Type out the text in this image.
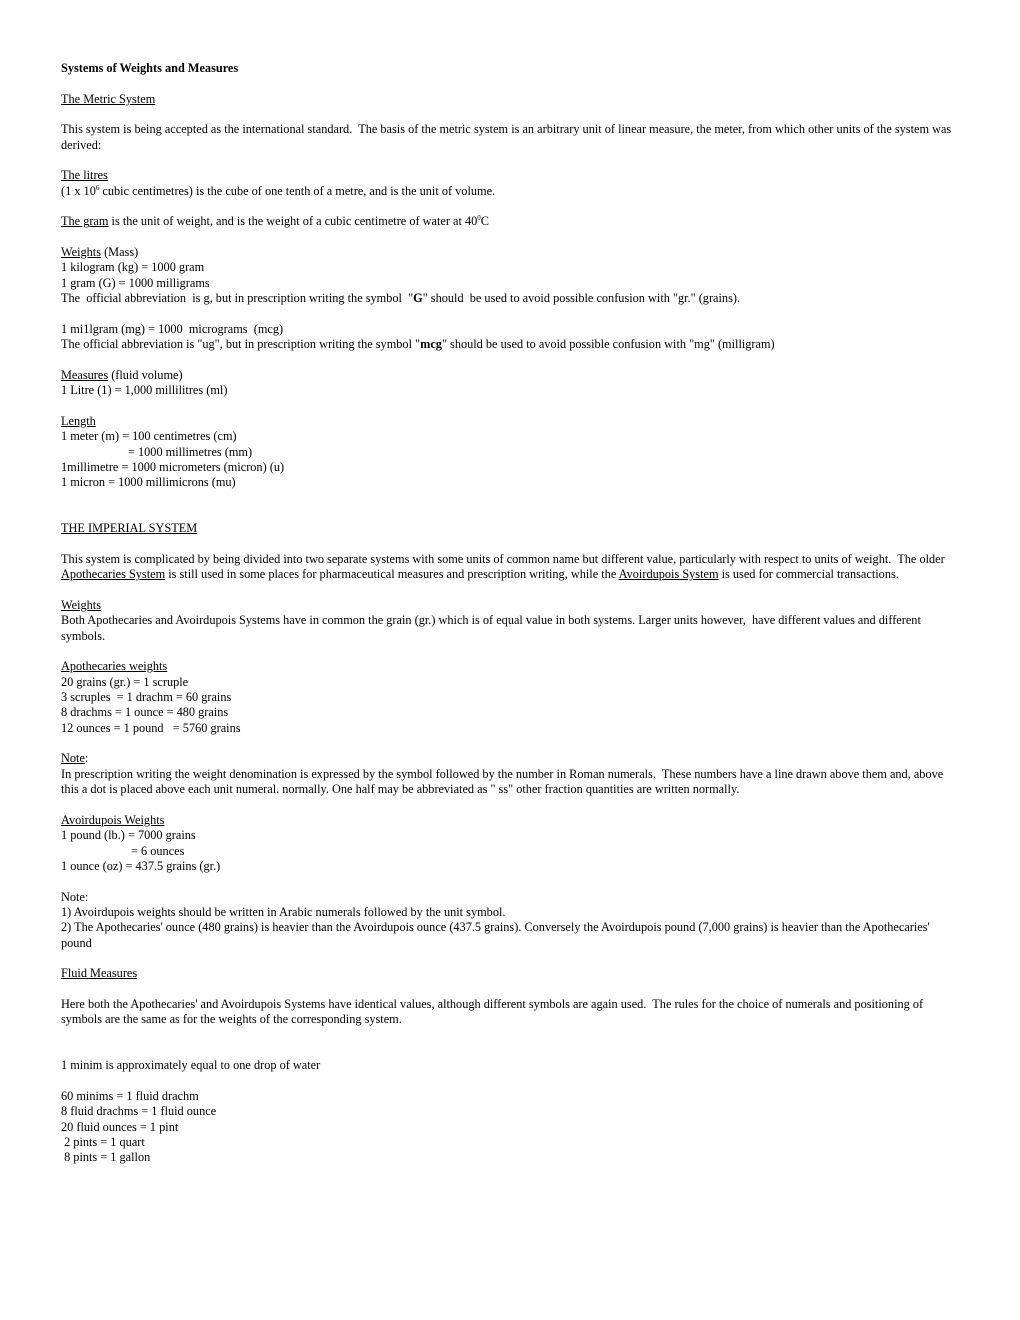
Systems of Weights and Measures
The Metric System
This system is being accepted as the international standard.  The basis of the metric system is an arbitrary unit of linear measure, the meter, from which other units of the system was derived:
The litres
(1 x $10^6$ cubic centimetres) is the cube of one tenth of a metre, and is the unit of volume.
The gram is the unit of weight, and is the weight of a cubic centimetre of water at $40^0C$
Weights (Mass)
1 kilogram (kg) = 1000 gram
1 gram (G) = 1000 milligrams
The  official abbreviation  is g, but in prescription writing the symbol  "G" should  be used to avoid possible confusion with "gr." (grains).
1 mi1lgram (mg) = 1000  micrograms  (mcg)
The official abbreviation is "ug", but in prescription writing the symbol "mcg" should be used to avoid possible confusion with "mg" (milligram)
Measures (fluid volume)
1 Litre (1) = 1,000 millilitres (ml)
Length
1 meter (m) = 100 centimetres (cm)
= 1000 millimetres (mm)
1millimetre = 1000 micrometers (micron) (u)
1 micron = 1000 millimicrons (mu)
THE IMPERIAL SYSTEM
This system is complicated by being divided into two separate systems with some units of common name but different value, particularly with respect to units of weight.  The older Apothecaries System is still used in some places for pharmaceutical measures and prescription writing, while the Avoirdupois System is used for commercial transactions.
Weights
Both Apothecaries and Avoirdupois Systems have in common the grain (gr.) which is of equal value in both systems. Larger units however,  have different values and different symbols.
Apothecaries weights
20 grains (gr.) = 1 scruple
3 scruples  = 1 drachm = 60 grains
8 drachms = 1 ounce = 480 grains
12 ounces = 1 pound   = 5760 grains
Note:
In prescription writing the weight denomination is expressed by the symbol followed by the number in Roman numerals.  These numbers have a line drawn above them and, above this a dot is placed above each unit numeral. normally. One half may be abbreviated as " ss" other fraction quantities are written normally.
Avoirdupois Weights
1 pound (lb.) = 7000 grains
= 6 ounces
1 ounce (oz) = 437.5 grains (gr.)
Note:
1) Avoirdupois weights should be written in Arabic numerals followed by the unit symbol.
2) The Apothecaries' ounce (480 grains) is heavier than the Avoirdupois ounce (437.5 grains). Conversely the Avoirdupois pound (7,000 grains) is heavier than the Apothecaries' pound
Fluid Measures
Here both the Apothecaries' and Avoirdupois Systems have identical values, although different symbols are again used.  The rules for the choice of numerals and positioning of symbols are the same as for the weights of the corresponding system.
1 minim is approximately equal to one drop of water
60 minims = 1 fluid drachm
8 fluid drachms = 1 fluid ounce
20 fluid ounces = 1 pint
2 pints = 1 quart
8 pints = 1 gallon
